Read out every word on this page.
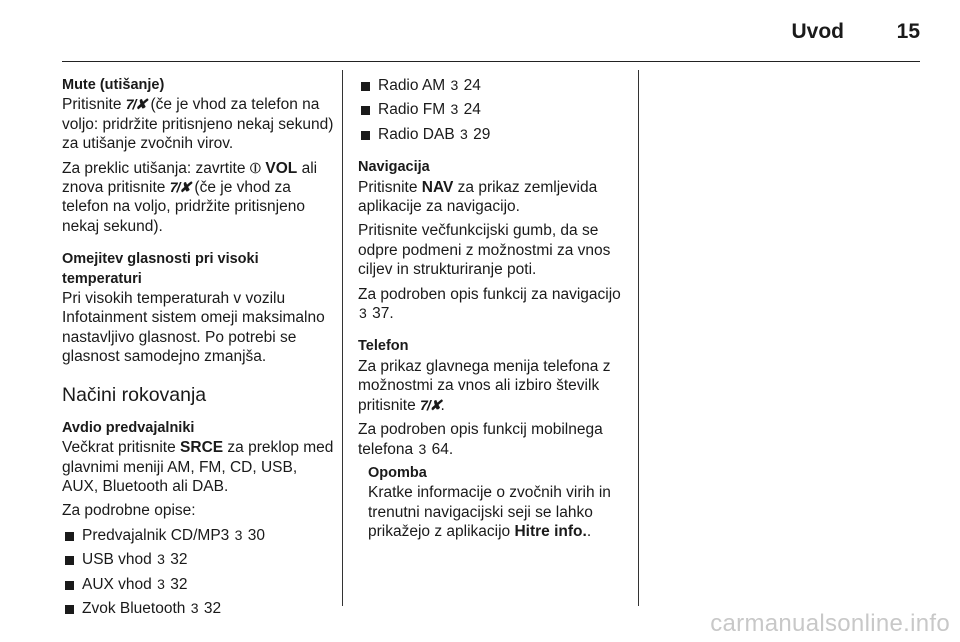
Uvod	15
Mute (utišanje)
Pritisnite 7/✘ (če je vhod za telefon na voljo: pridržite pritisnjeno nekaj sekund) za utišanje zvočnih virov.
Za preklic utišanja: zavrtite ⦶ VOL ali znova pritisnite 7/✘ (če je vhod za telefon na voljo, pridržite pritisnjeno nekaj sekund).
Omejitev glasnosti pri visoki temperaturi
Pri visokih temperaturah v vozilu Infotainment sistem omeji maksimalno nastavljivo glasnost. Po potrebi se glasnost samodejno zmanjša.
Načini rokovanja
Avdio predvajalniki
Večkrat pritisnite SRCE za preklop med glavnimi meniji AM, FM, CD, USB, AUX, Bluetooth ali DAB.
Za podrobne opise:
Predvajalnik CD/MP3 3 30
USB vhod 3 32
AUX vhod 3 32
Zvok Bluetooth 3 32
Radio AM 3 24
Radio FM 3 24
Radio DAB 3 29
Navigacija
Pritisnite NAV za prikaz zemljevida aplikacije za navigacijo.
Pritisnite večfunkcijski gumb, da se odpre podmeni z možnostmi za vnos ciljev in strukturiranje poti.
Za podroben opis funkcij za navigacijo 3 37.
Telefon
Za prikaz glavnega menija telefona z možnostmi za vnos ali izbiro številk pritisnite 7/✘.
Za podroben opis funkcij mobilnega telefona 3 64.
Opomba
Kratke informacije o zvočnih virih in trenutni navigacijski seji se lahko prikažejo z aplikacijo Hitre info..
carmanualsonline.info
